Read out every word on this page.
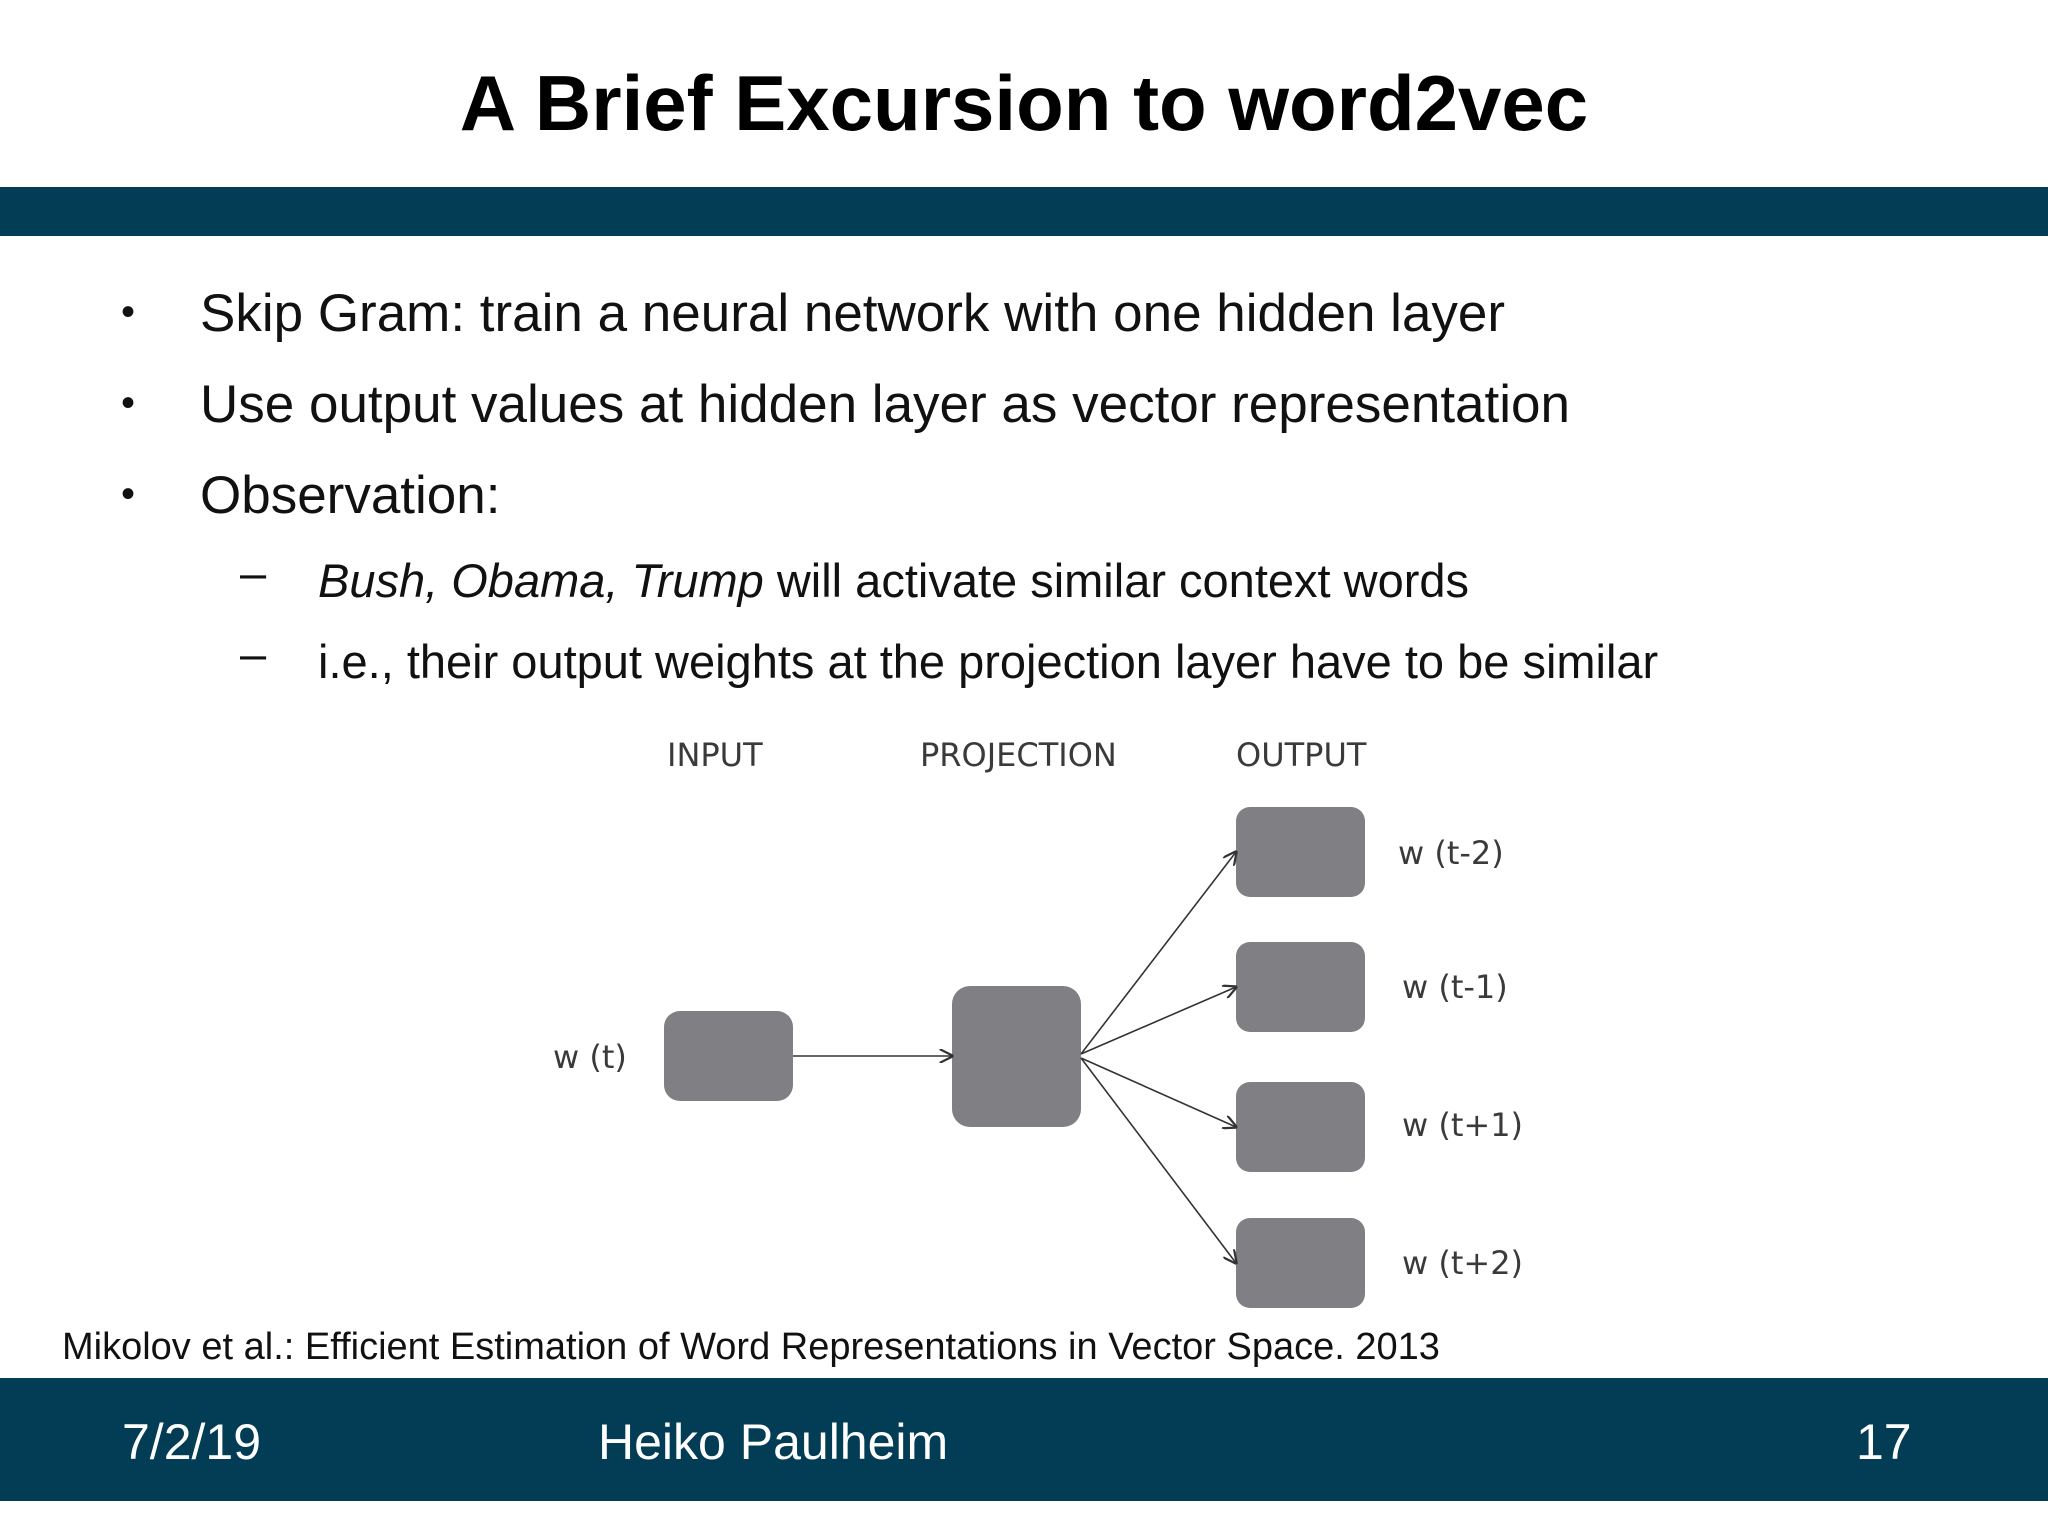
A Brief Excursion to word2vec
• Skip Gram: train a neural network with one hidden layer
• Use output values at hidden layer as vector representation
• Observation:
– Bush, Obama, Trump will activate similar context words
– i.e., their output weights at the projection layer have to be similar
INPUT	PROJECTION	OUTPUT
w (t)
w (t-2)
w (t-1)
w (t+1)
w (t+2)
Mikolov et al.: Efficient Estimation of Word Representations in Vector Space. 2013
7/2/19	Heiko Paulheim	17
